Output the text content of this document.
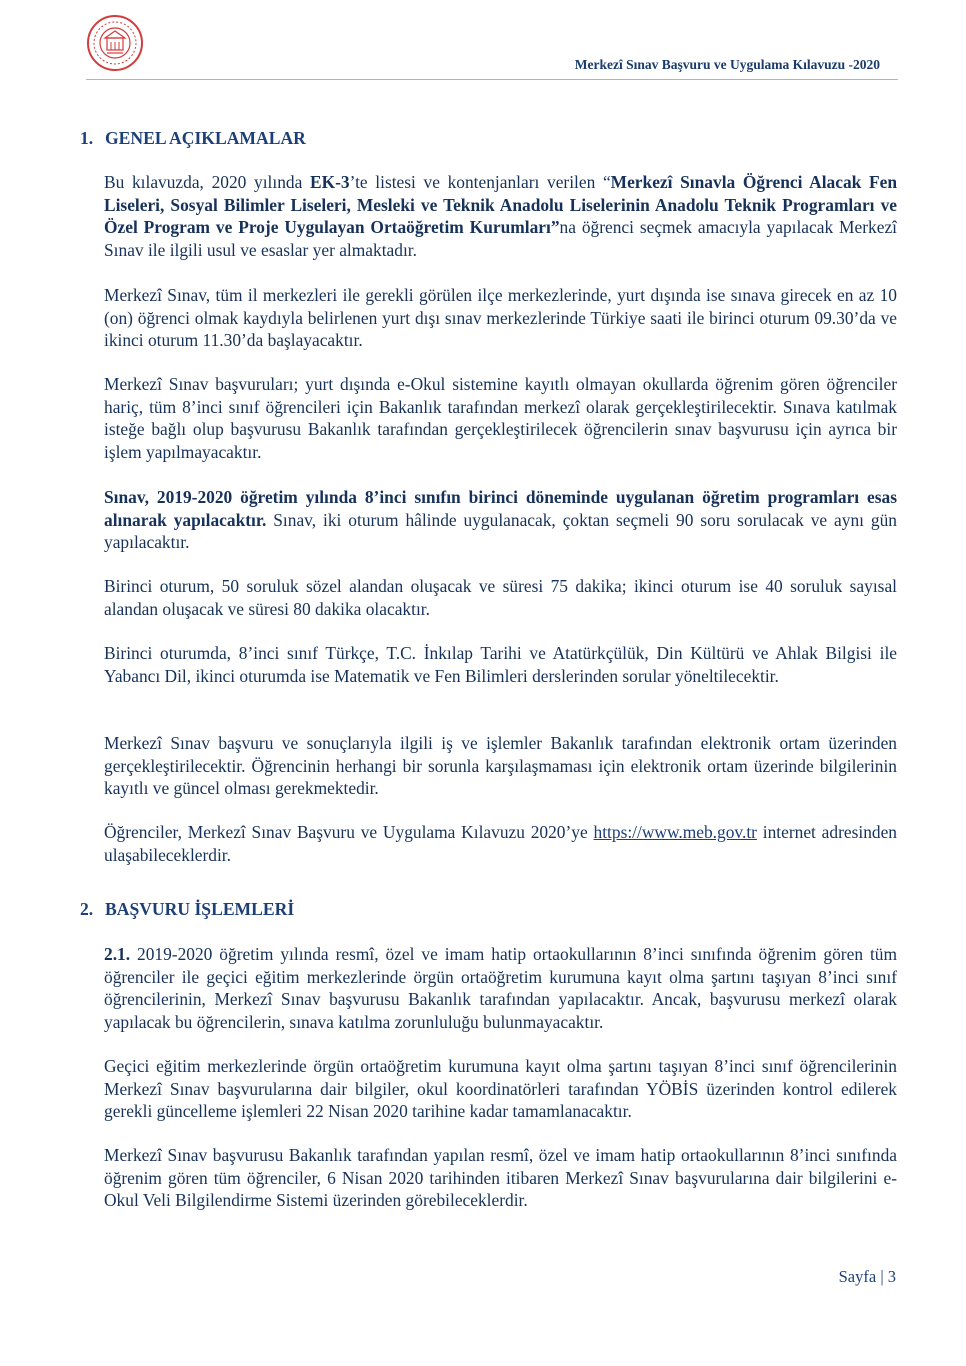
Merkezî Sınav Başvuru ve Uygulama Kılavuzu -2020
1. GENEL AÇIKLAMALAR

Bu kılavuzda, 2020 yılında EK-3’te listesi ve kontenjanları verilen “Merkezî Sınavla Öğrenci Alacak Fen Liseleri, Sosyal Bilimler Liseleri, Mesleki ve Teknik Anadolu Liselerinin Anadolu Teknik Programları ve Özel Program ve Proje Uygulayan Ortaöğretim Kurumları”na öğrenci seçmek amacıyla yapılacak Merkezî Sınav ile ilgili usul ve esaslar yer almaktadır.

Merkezî Sınav, tüm il merkezleri ile gerekli görülen ilçe merkezlerinde, yurt dışında ise sınava girecek en az 10 (on) öğrenci olmak kaydıyla belirlenen yurt dışı sınav merkezlerinde Türkiye saati ile birinci oturum 09.30’da ve ikinci oturum 11.30’da başlayacaktır.

Merkezî Sınav başvuruları; yurt dışında e-Okul sistemine kayıtlı olmayan okullarda öğrenim gören öğrenciler hariç, tüm 8’inci sınıf öğrencileri için Bakanlık tarafından merkezî olarak gerçekleştirilecektir. Sınava katılmak isteğe bağlı olup başvurusu Bakanlık tarafından gerçekleştirilecek öğrencilerin sınav başvurusu için ayrıca bir işlem yapılmayacaktır.

Sınav, 2019-2020 öğretim yılında 8’inci sınıfın birinci döneminde uygulanan öğretim programları esas alınarak yapılacaktır. Sınav, iki oturum hâlinde uygulanacak, çoktan seçmeli 90 soru sorulacak ve aynı gün yapılacaktır.

Birinci oturum, 50 soruluk sözel alandan oluşacak ve süresi 75 dakika; ikinci oturum ise 40 soruluk sayısal alandan oluşacak ve süresi 80 dakika olacaktır.

Birinci oturumda, 8’inci sınıf Türkçe, T.C. İnkılap Tarihi ve Atatürkçülük, Din Kültürü ve Ahlak Bilgisi ile Yabancı Dil, ikinci oturumda ise Matematik ve Fen Bilimleri derslerinden sorular yöneltilecektir.

Merkezî Sınav başvuru ve sonuçlarıyla ilgili iş ve işlemler Bakanlık tarafından elektronik ortam üzerinden gerçekleştirilecektir. Öğrencinin herhangi bir sorunla karşılaşmaması için elektronik ortam üzerinde bilgilerinin kayıtlı ve güncel olması gerekmektedir.

Öğrenciler, Merkezî Sınav Başvuru ve Uygulama Kılavuzu 2020’ye https://www.meb.gov.tr internet adresinden ulaşabileceklerdir.

2. BAŞVURU İŞLEMLERİ

2.1. 2019-2020 öğretim yılında resmî, özel ve imam hatip ortaokullarının 8’inci sınıfında öğrenim gören tüm öğrenciler ile geçici eğitim merkezlerinde örgün ortaöğretim kurumuna kayıt olma şartını taşıyan 8’inci sınıf öğrencilerinin, Merkezî Sınav başvurusu Bakanlık tarafından yapılacaktır. Ancak, başvurusu merkezî olarak yapılacak bu öğrencilerin, sınava katılma zorunluluğu bulunmayacaktır.

Geçici eğitim merkezlerinde örgün ortaöğretim kurumuna kayıt olma şartını taşıyan 8’inci sınıf öğrencilerinin Merkezî Sınav başvurularına dair bilgiler, okul koordinatörleri tarafından YÖBİS üzerinden kontrol edilerek gerekli güncelleme işlemleri 22 Nisan 2020 tarihine kadar tamamlanacaktır.

Merkezî Sınav başvurusu Bakanlık tarafından yapılan resmî, özel ve imam hatip ortaokullarının 8’inci sınıfında öğrenim gören tüm öğrenciler, 6 Nisan 2020 tarihinden itibaren Merkezî Sınav başvurularına dair bilgilerini e-Okul Veli Bilgilendirme Sistemi üzerinden görebileceklerdir.

Sayfa | 3
